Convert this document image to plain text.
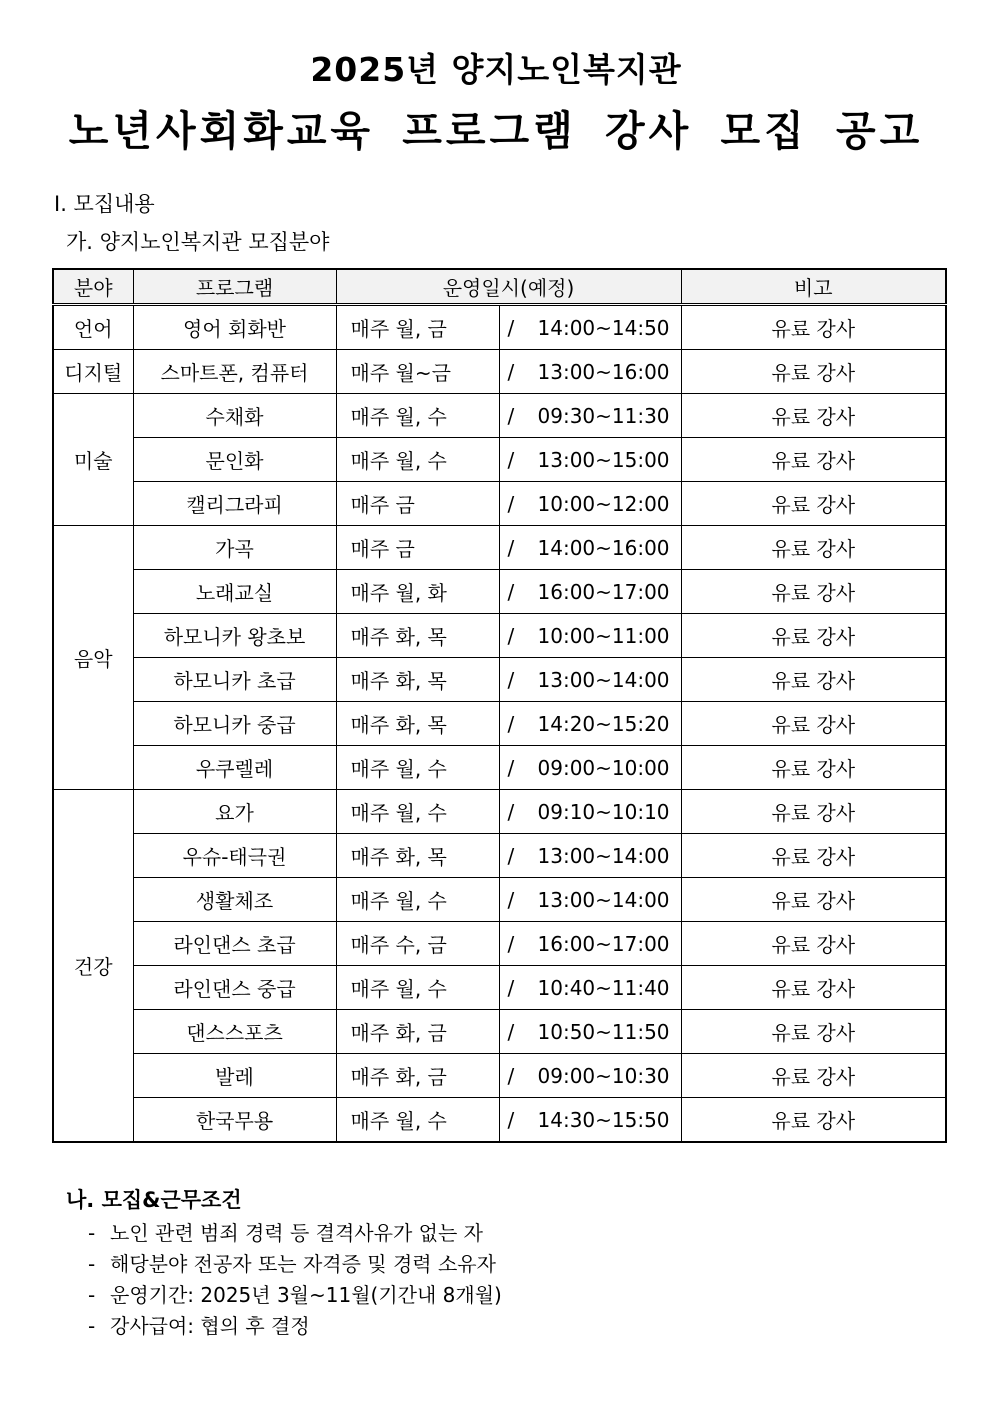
2025년 양지노인복지관
노년사회화교육 프로그램 강사 모집 공고
Ⅰ. 모집내용
가. 양지노인복지관 모집분야
분야	프로그램	운영일시(예정)		비고
언어	영어 회화반	매주 월, 금	/ 14:00~14:50	유료 강사
디지털	스마트폰, 컴퓨터	매주 월~금	/ 13:00~16:00	유료 강사
미술	수채화	매주 월, 수	/ 09:30~11:30	유료 강사
	문인화	매주 월, 수	/ 13:00~15:00	유료 강사
	캘리그라피	매주 금	/ 10:00~12:00	유료 강사
음악	가곡	매주 금	/ 14:00~16:00	유료 강사
	노래교실	매주 월, 화	/ 16:00~17:00	유료 강사
	하모니카 왕초보	매주 화, 목	/ 10:00~11:00	유료 강사
	하모니카 초급	매주 화, 목	/ 13:00~14:00	유료 강사
	하모니카 중급	매주 화, 목	/ 14:20~15:20	유료 강사
	우쿠렐레	매주 월, 수	/ 09:00~10:00	유료 강사
건강	요가	매주 월, 수	/ 09:10~10:10	유료 강사
	우슈-태극권	매주 화, 목	/ 13:00~14:00	유료 강사
	생활체조	매주 월, 수	/ 13:00~14:00	유료 강사
	라인댄스 초급	매주 수, 금	/ 16:00~17:00	유료 강사
	라인댄스 중급	매주 월, 수	/ 10:40~11:40	유료 강사
	댄스스포츠	매주 화, 금	/ 10:50~11:50	유료 강사
	발레	매주 화, 금	/ 09:00~10:30	유료 강사
	한국무용	매주 월, 수	/ 14:30~15:50	유료 강사
나. 모집&근무조건
- 노인 관련 범죄 경력 등 결격사유가 없는 자
- 해당분야 전공자 또는 자격증 및 경력 소유자
- 운영기간: 2025년 3월~11월(기간내 8개월)
- 강사급여: 협의 후 결정
